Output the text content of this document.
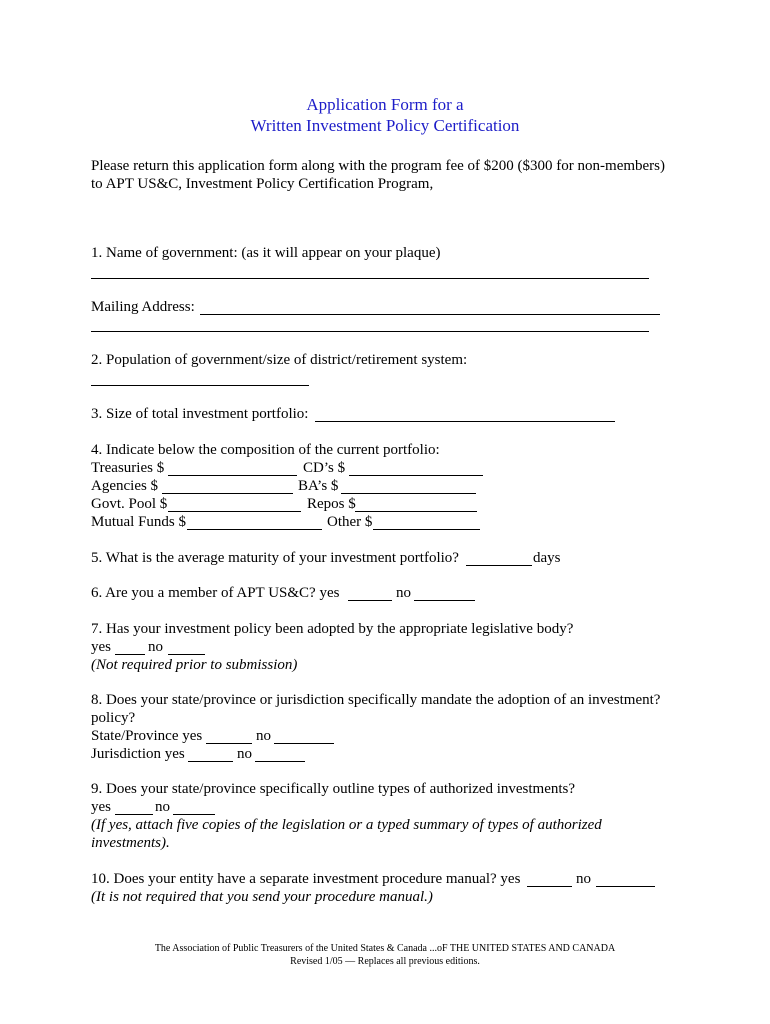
Application Form for a
Written Investment Policy Certification
Please return this application form along with the program fee of $200 ($300 for non-members)
to APT US&C, Investment Policy Certification Program,
1. Name of government: (as it will appear on your plaque)
Mailing Address:
2. Population of government/size of district/retirement system:
3. Size of total investment portfolio:
4. Indicate below the composition of the current portfolio:
Treasuries $	CD’s $
Agencies $	BA’s $
Govt. Pool $	Repos $
Mutual Funds $	Other $
5. What is the average maturity of your investment portfolio?	days
6. Are you a member of APT US&C? yes	no
7. Has your investment policy been adopted by the appropriate legislative body?
yes no
(Not required prior to submission)
8. Does your state/province or jurisdiction specifically mandate the adoption of an investment?
policy?
State/Province yes	no
Jurisdiction yes	no
9. Does your state/province specifically outline types of authorized investments?
yes	no
(If yes, attach five copies of the legislation or a typed summary of types of authorized
investments).
10. Does your entity have a separate investment procedure manual? yes	no
(It is not required that you send your procedure manual.)
The Association of Public Treasurers of the United States & Canada ...oF THE UNITED STATES AND CANADA
Revised 1/05 — Replaces all previous editions.
